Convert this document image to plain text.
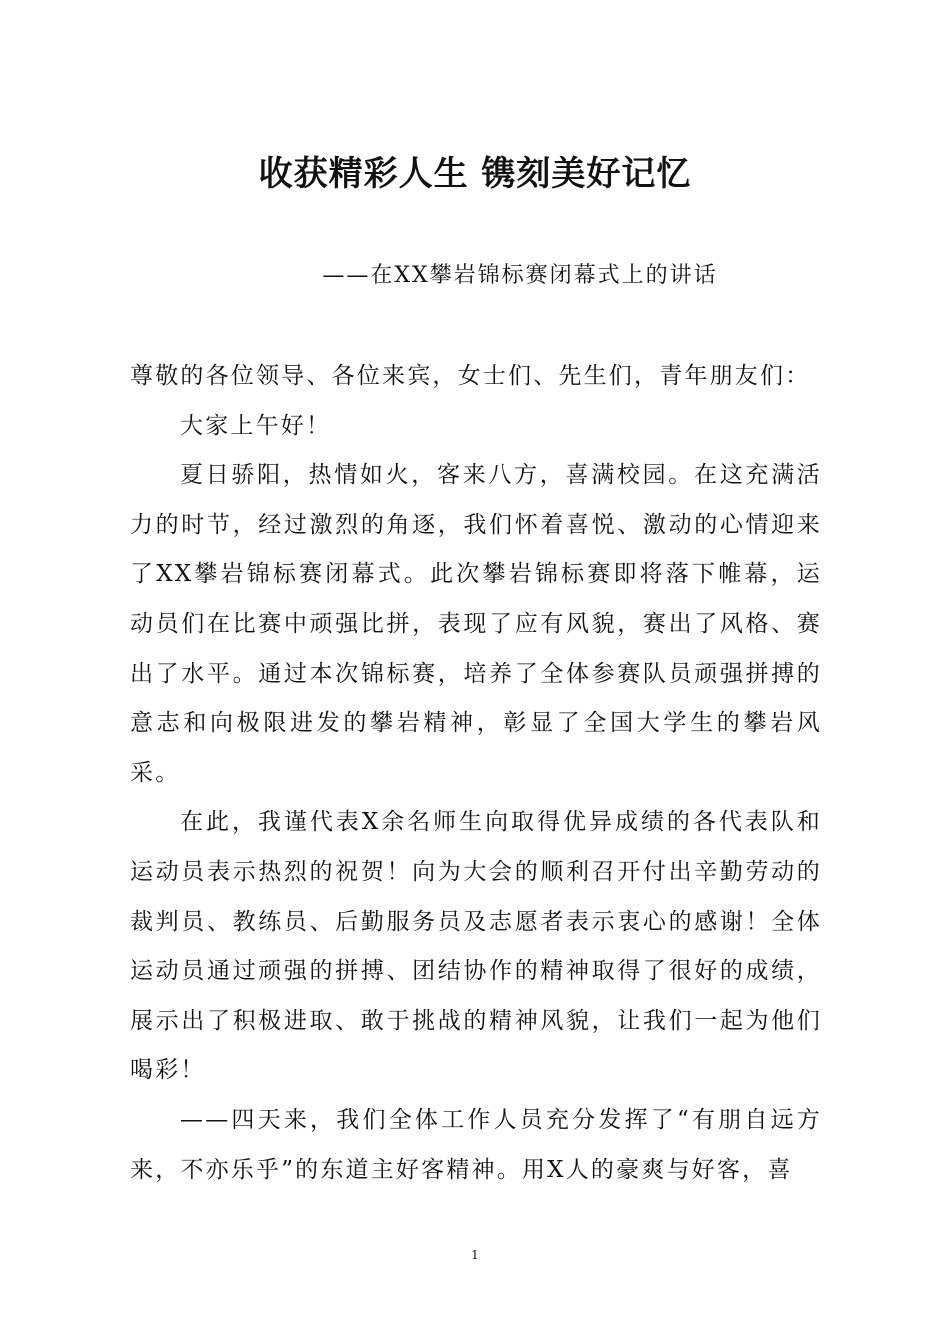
收获精彩人生 镌刻美好记忆
——在XX攀岩锦标赛闭幕式上的讲话

尊敬的各位领导、各位来宾，女士们、先生们，青年朋友们：

大家上午好！

夏日骄阳，热情如火，客来八方，喜满校园。在这充满活力的时节，经过激烈的角逐，我们怀着喜悦、激动的心情迎来了XX攀岩锦标赛闭幕式。此次攀岩锦标赛即将落下帷幕，运动员们在比赛中顽强比拼，表现了应有风貌，赛出了风格、赛出了水平。通过本次锦标赛，培养了全体参赛队员顽强拼搏的意志和向极限进发的攀岩精神，彰显了全国大学生的攀岩风采。

在此，我谨代表X余名师生向取得优异成绩的各代表队和运动员表示热烈的祝贺！向为大会的顺利召开付出辛勤劳动的裁判员、教练员、后勤服务员及志愿者表示衷心的感谢！全体运动员通过顽强的拼搏、团结协作的精神取得了很好的成绩，展示出了积极进取、敢于挑战的精神风貌，让我们一起为他们喝彩！

——四天来，我们全体工作人员充分发挥了“有朋自远方来，不亦乐乎”的东道主好客精神。用X人的豪爽与好客，喜

1
